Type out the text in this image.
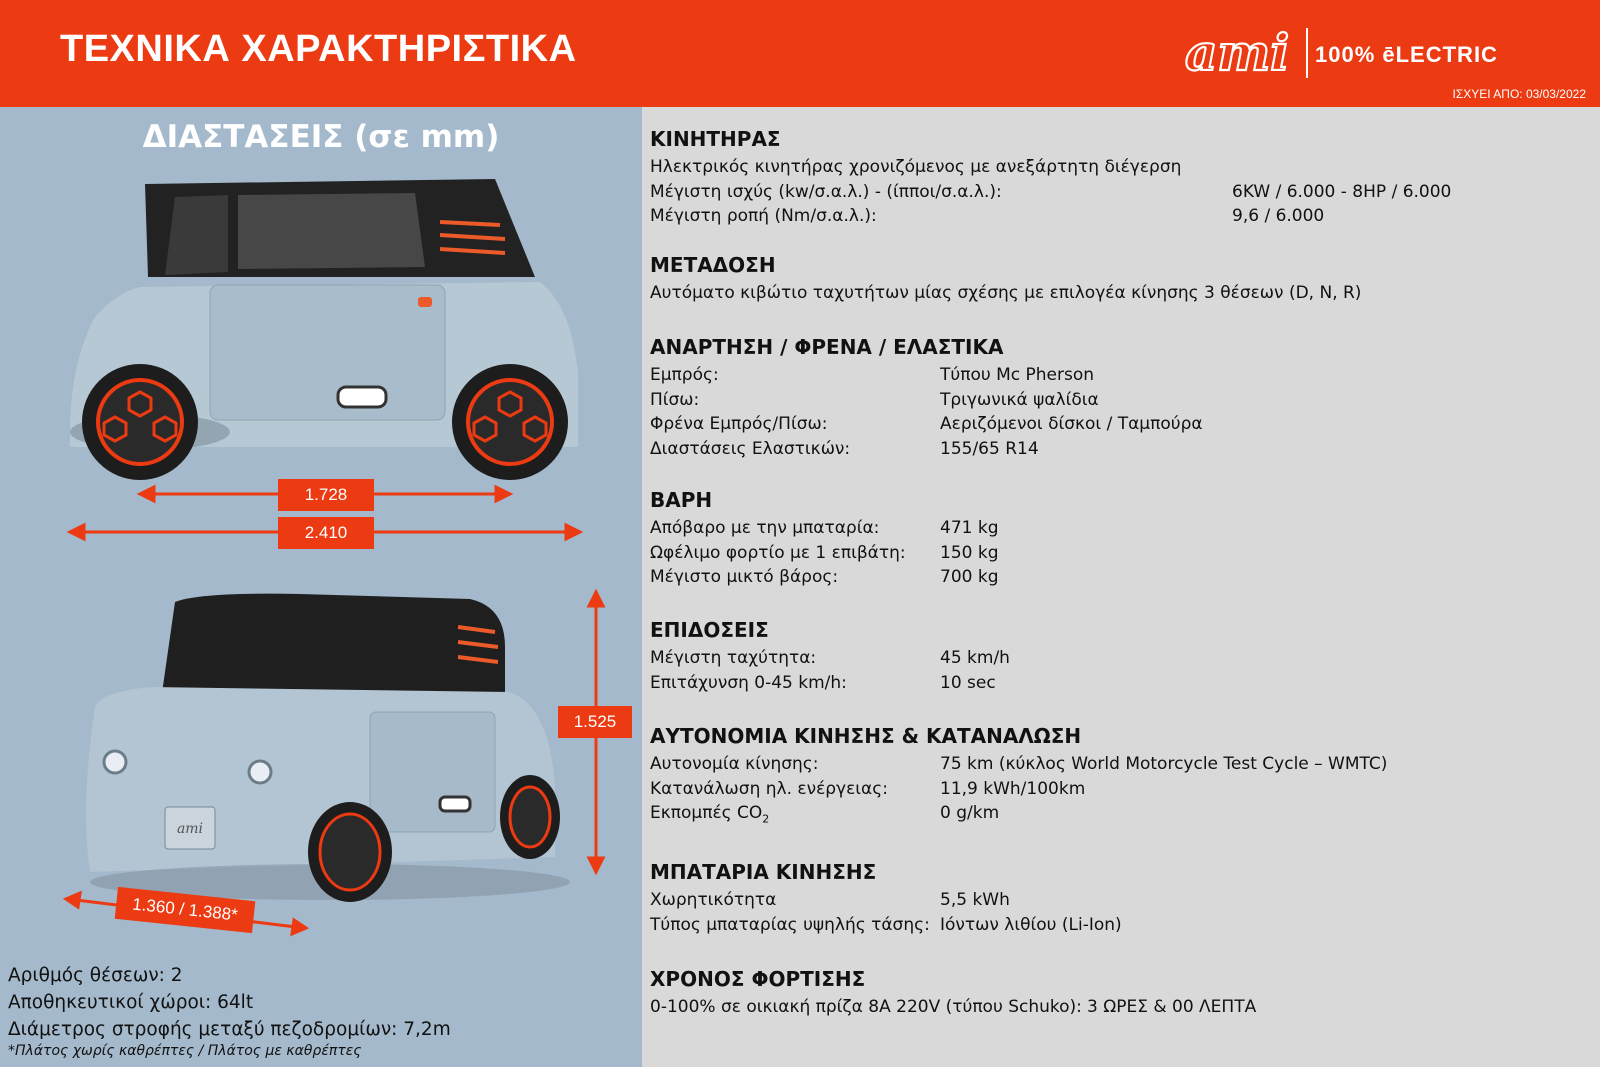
ΤΕΧΝΙΚΑ ΧΑΡΑΚΤΗΡΙΣΤΙΚΑ	ami 100% ēLECTRIC
ΙΣΧΥΕΙ ΑΠΟ: 03/03/2022
ΔΙΑΣΤΑΣΕΙΣ (σε mm)
ami
1.728
2.410
1.525
1.360 / 1.388*
Αριθμός θέσεων: 2
Αποθηκευτικοί χώροι: 64lt
Διάμετρος στροφής μεταξύ πεζοδρομίων: 7,2m
*Πλάτος χωρίς καθρέπτες / Πλάτος με καθρέπτες
ΚΙΝΗΤΗΡΑΣ
Ηλεκτρικός κινητήρας χρονιζόμενος με ανεξάρτητη διέγερση
Μέγιστη ισχύς (kw/σ.α.λ.) - (ίπποι/σ.α.λ.):	6KW / 6.000 - 8HP / 6.000
Μέγιστη ροπή (Nm/σ.α.λ.):	9,6 / 6.000
ΜΕΤΑΔΟΣΗ
Αυτόματο κιβώτιο ταχυτήτων μίας σχέσης με επιλογέα κίνησης 3 θέσεων (D, N, R)
ΑΝΑΡΤΗΣΗ / ΦΡΕΝΑ / ΕΛΑΣΤΙΚΑ
Εμπρός:	Τύπου Mc Pherson
Πίσω:	Τριγωνικά ψαλίδια
Φρένα Εμπρός/Πίσω:	Αεριζόμενοι δίσκοι / Ταμπούρα
Διαστάσεις Ελαστικών:	155/65 R14
ΒΑΡΗ
Απόβαρο με την μπαταρία:	471 kg
Ωφέλιμο φορτίο με 1 επιβάτη: 150 kg
Μέγιστο μικτό βάρος:	700 kg
ΕΠΙΔΟΣΕΙΣ
Μέγιστη ταχύτητα:	45 km/h
Επιτάχυνση 0-45 km/h:	10 sec
ΑΥΤΟΝΟΜΙΑ ΚΙΝΗΣΗΣ & ΚΑΤΑΝΑΛΩΣΗ
Αυτονομία κίνησης:	75 km (κύκλος World Motorcycle Test Cycle – WMTC)
Κατανάλωση ηλ. ενέργειας:	11,9 kWh/100km
Εκπομπές $CO_2$	0 g/km
ΜΠΑΤΑΡΙΑ ΚΙΝΗΣΗΣ
Χωρητικότητα	5,5 kWh
Τύπος μπαταρίας υψηλής τάσης: Ιόντων λιθίου (Li-Ion)
ΧΡΟΝΟΣ ΦΟΡΤΙΣΗΣ
0-100% σε οικιακή πρίζα 8A 220V (τύπου Schuko): 3 ΩΡΕΣ & 00 ΛΕΠΤΑ
